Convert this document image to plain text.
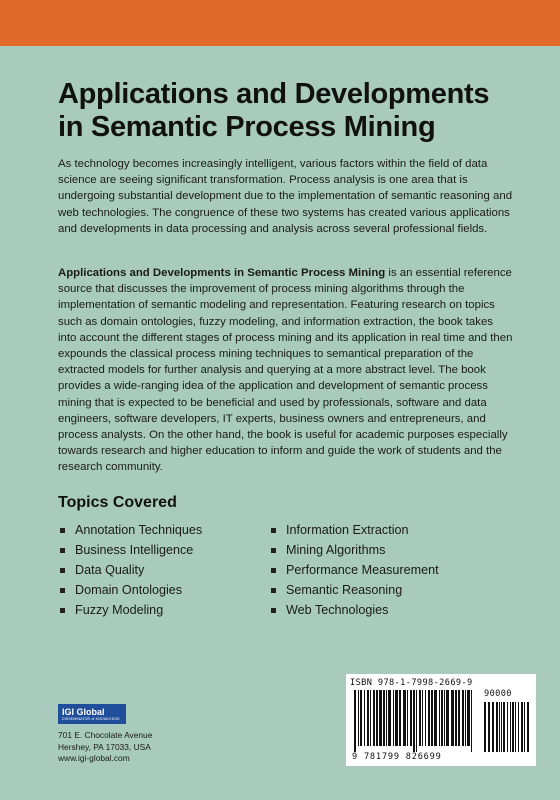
Applications and Developments
in Semantic Process Mining

As technology becomes increasingly intelligent, various factors within the field of data science are seeing significant transformation. Process analysis is one area that is undergoing substantial development due to the implementation of semantic reasoning and web technologies. The congruence of these two systems has created various applications and developments in data processing and analysis across several professional fields.

Applications and Developments in Semantic Process Mining is an essential reference source that discusses the improvement of process mining algorithms through the implementation of semantic modeling and representation. Featuring research on topics such as domain ontologies, fuzzy modeling, and information extraction, the book takes into account the different stages of process mining and its application in real time and then expounds the classical process mining techniques to semantical preparation of the extracted models for further analysis and querying at a more abstract level. The book provides a wide-ranging idea of the application and development of semantic process mining that is expected to be beneficial and used by professionals, software and data engineers, software developers, IT experts, business owners and entrepreneurs, and process analysts. On the other hand, the book is useful for academic purposes especially towards research and higher education to inform and guide the work of students and the research community.

Topics Covered
Annotation Techniques
Business Intelligence
Data Quality
Domain Ontologies
Fuzzy Modeling
Information Extraction
Mining Algorithms
Performance Measurement
Semantic Reasoning
Web Technologies
IGI Global
DISSEMINATOR of KNOWLEDGE
701 E. Chocolate Avenue
Hershey, PA 17033, USA
www.igi-global.com
ISBN 978-1-7998-2669-9
90000
9 781799 826699
